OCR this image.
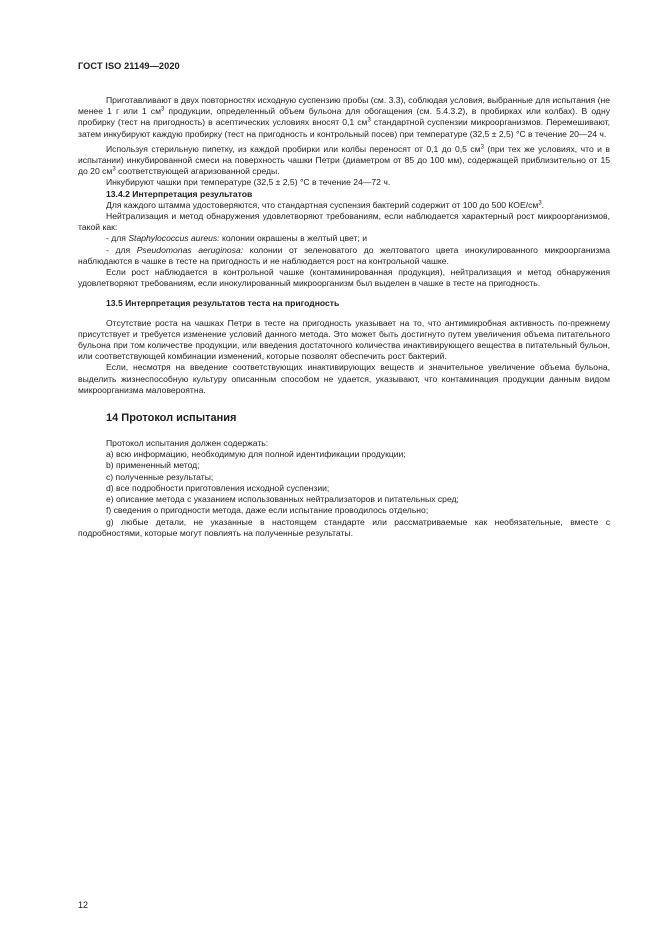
ГОСТ ISO 21149—2020

Приготавливают в двух повторностях исходную суспензию пробы (см. 3.3), соблюдая условия, выбранные для испытания (не менее 1 г или 1 $см^3$ продукции, определенный объем бульона для обогащения (см. 5.4.3.2), в пробирках или колбах). В одну пробирку (тест на пригодность) в асептических условиях вносят 0,1 $см^3$ стандартной суспензии микроорганизмов. Перемешивают, затем инкубируют каждую пробирку (тест на пригодность и контрольный посев) при температуре (32,5 ± 2,5) °С в течение 20—24 ч.

Используя стерильную пипетку, из каждой пробирки или колбы переносят от 0,1 до 0,5 $см^3$ (при тех же условиях, что и в испытании) инкубированной смеси на поверхность чашки Петри (диаметром от 85 до 100 мм), содержащей приблизительно от 15 до 20 $см^3$ соответствующей агаризованной среды.

Инкубируют чашки при температуре (32,5 ± 2,5) °С в течение 24—72 ч.

13.4.2 Интерпретация результатов

Для каждого штамма удостоверяются, что стандартная суспензия бактерий содержит от 100 до 500 КОЕ/$см^3$.

Нейтрализация и метод обнаружения удовлетворяют требованиям, если наблюдается характерный рост микроорганизмов, такой как:

- для Staphylococcus aureus: колонии окрашены в желтый цвет; и

- для Pseudomonas aeruginosa: колонии от зеленоватого до желтоватого цвета инокулированного микроорганизма наблюдаются в чашке в тесте на пригодность и не наблюдается рост на контрольной чашке.

Если рост наблюдается в контрольной чашке (контаминированная продукция), нейтрализация и метод обнаружения удовлетворяют требованиям, если инокулированный микроорганизм был выделен в чашке в тесте на пригодность.

13.5 Интерпретация результатов теста на пригодность

Отсутствие роста на чашках Петри в тесте на пригодность указывает на то, что антимикробная активность по-прежнему присутствует и требуется изменение условий данного метода. Это может быть достигнуто путем увеличения объема питательного бульона при том количестве продукции, или введения достаточного количества инактивирующего вещества в питательный бульон, или соответствующей комбинации изменений, которые позволят обеспечить рост бактерий.

Если, несмотря на введение соответствующих инактивирующих веществ и значительное увеличение объема бульона, выделить жизнеспособную культуру описанным способом не удается, указывают, что контаминация продукции данным видом микроорганизма маловероятна.

14 Протокол испытания

Протокол испытания должен содержать:

a) всю информацию, необходимую для полной идентификации продукции;

b) примененный метод;

c) полученные результаты;

d) все подробности приготовления исходной суспензии;

e) описание метода с указанием использованных нейтрализаторов и питательных сред;

f) сведения о пригодности метода, даже если испытание проводилось отдельно;

g) любые детали, не указанные в настоящем стандарте или рассматриваемые как необязательные, вместе с подробностями, которые могут повлиять на полученные результаты.

12
